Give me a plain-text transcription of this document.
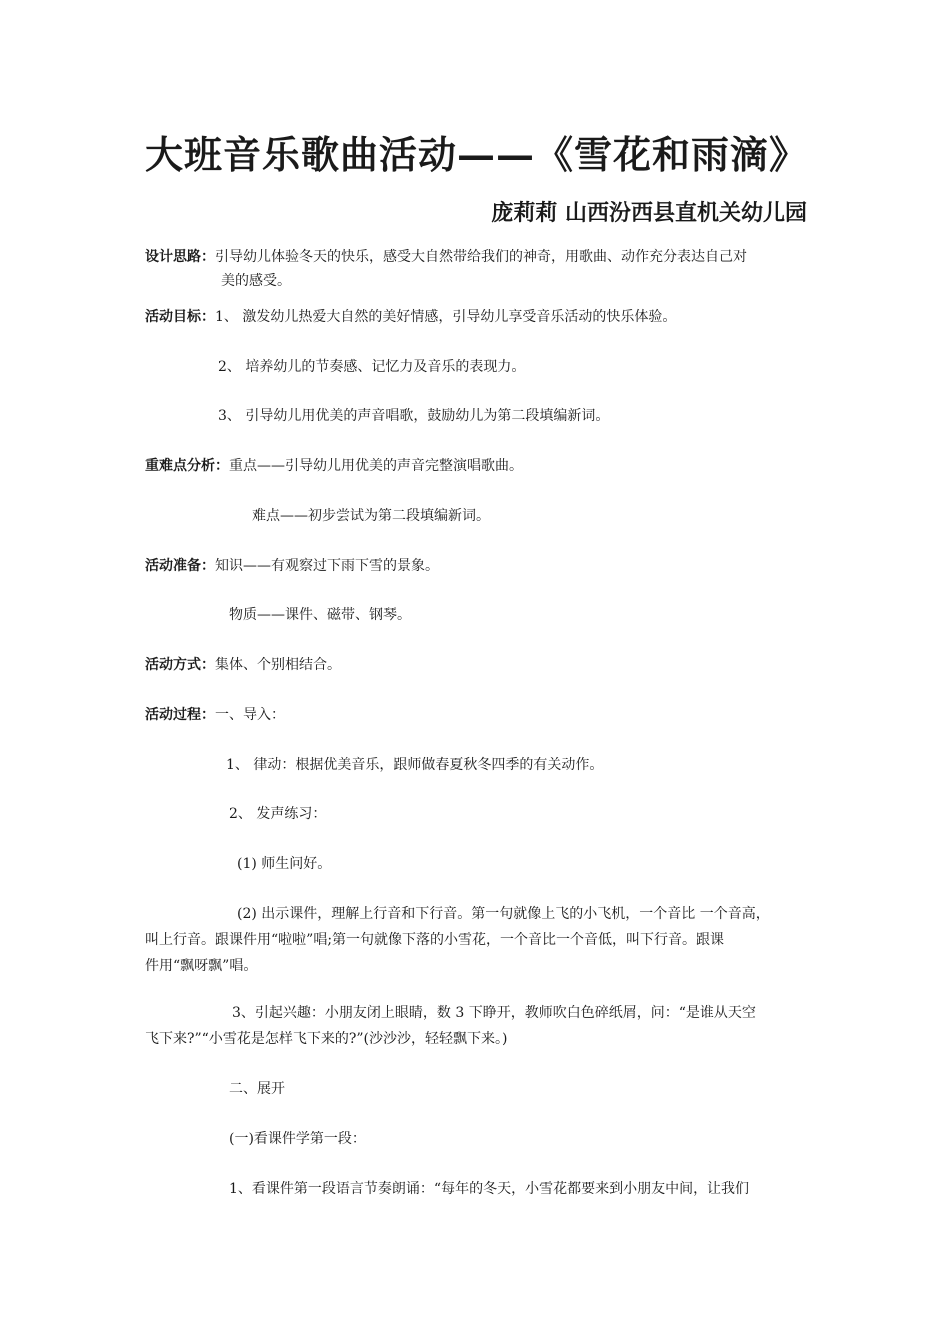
大班音乐歌曲活动——《雪花和雨滴》
庞莉莉 山西汾西县直机关幼儿园
设计思路：引导幼儿体验冬天的快乐，感受大自然带给我们的神奇，用歌曲、动作充分表达自己对
美的感受。
活动目标：1、 激发幼儿热爱大自然的美好情感，引导幼儿享受音乐活动的快乐体验。
2、 培养幼儿的节奏感、记忆力及音乐的表现力。
3、 引导幼儿用优美的声音唱歌，鼓励幼儿为第二段填编新词。
重难点分析：重点——引导幼儿用优美的声音完整演唱歌曲。
难点——初步尝试为第二段填编新词。
活动准备：知识——有观察过下雨下雪的景象。
物质——课件、磁带、钢琴。
活动方式：集体、个别相结合。
活动过程：一、导入：
1、 律动：根据优美音乐，跟师做春夏秋冬四季的有关动作。
2、 发声练习：
(1) 师生问好。
(2) 出示课件，理解上行音和下行音。第一句就像上飞的小飞机，一个音比 一个音高，
叫上行音。跟课件用“啦啦”唱;第一句就像下落的小雪花，一个音比一个音低，叫下行音。跟课
件用“飘呀飘”唱。
3、引起兴趣：小朋友闭上眼睛，数 3 下睁开，教师吹白色碎纸屑，问：“是谁从天空
飞下来?”“小雪花是怎样飞下来的?”(沙沙沙，轻轻飘下来。)
二、展开
(一)看课件学第一段：
1、看课件第一段语言节奏朗诵：“每年的冬天，小雪花都要来到小朋友中间，让我们
